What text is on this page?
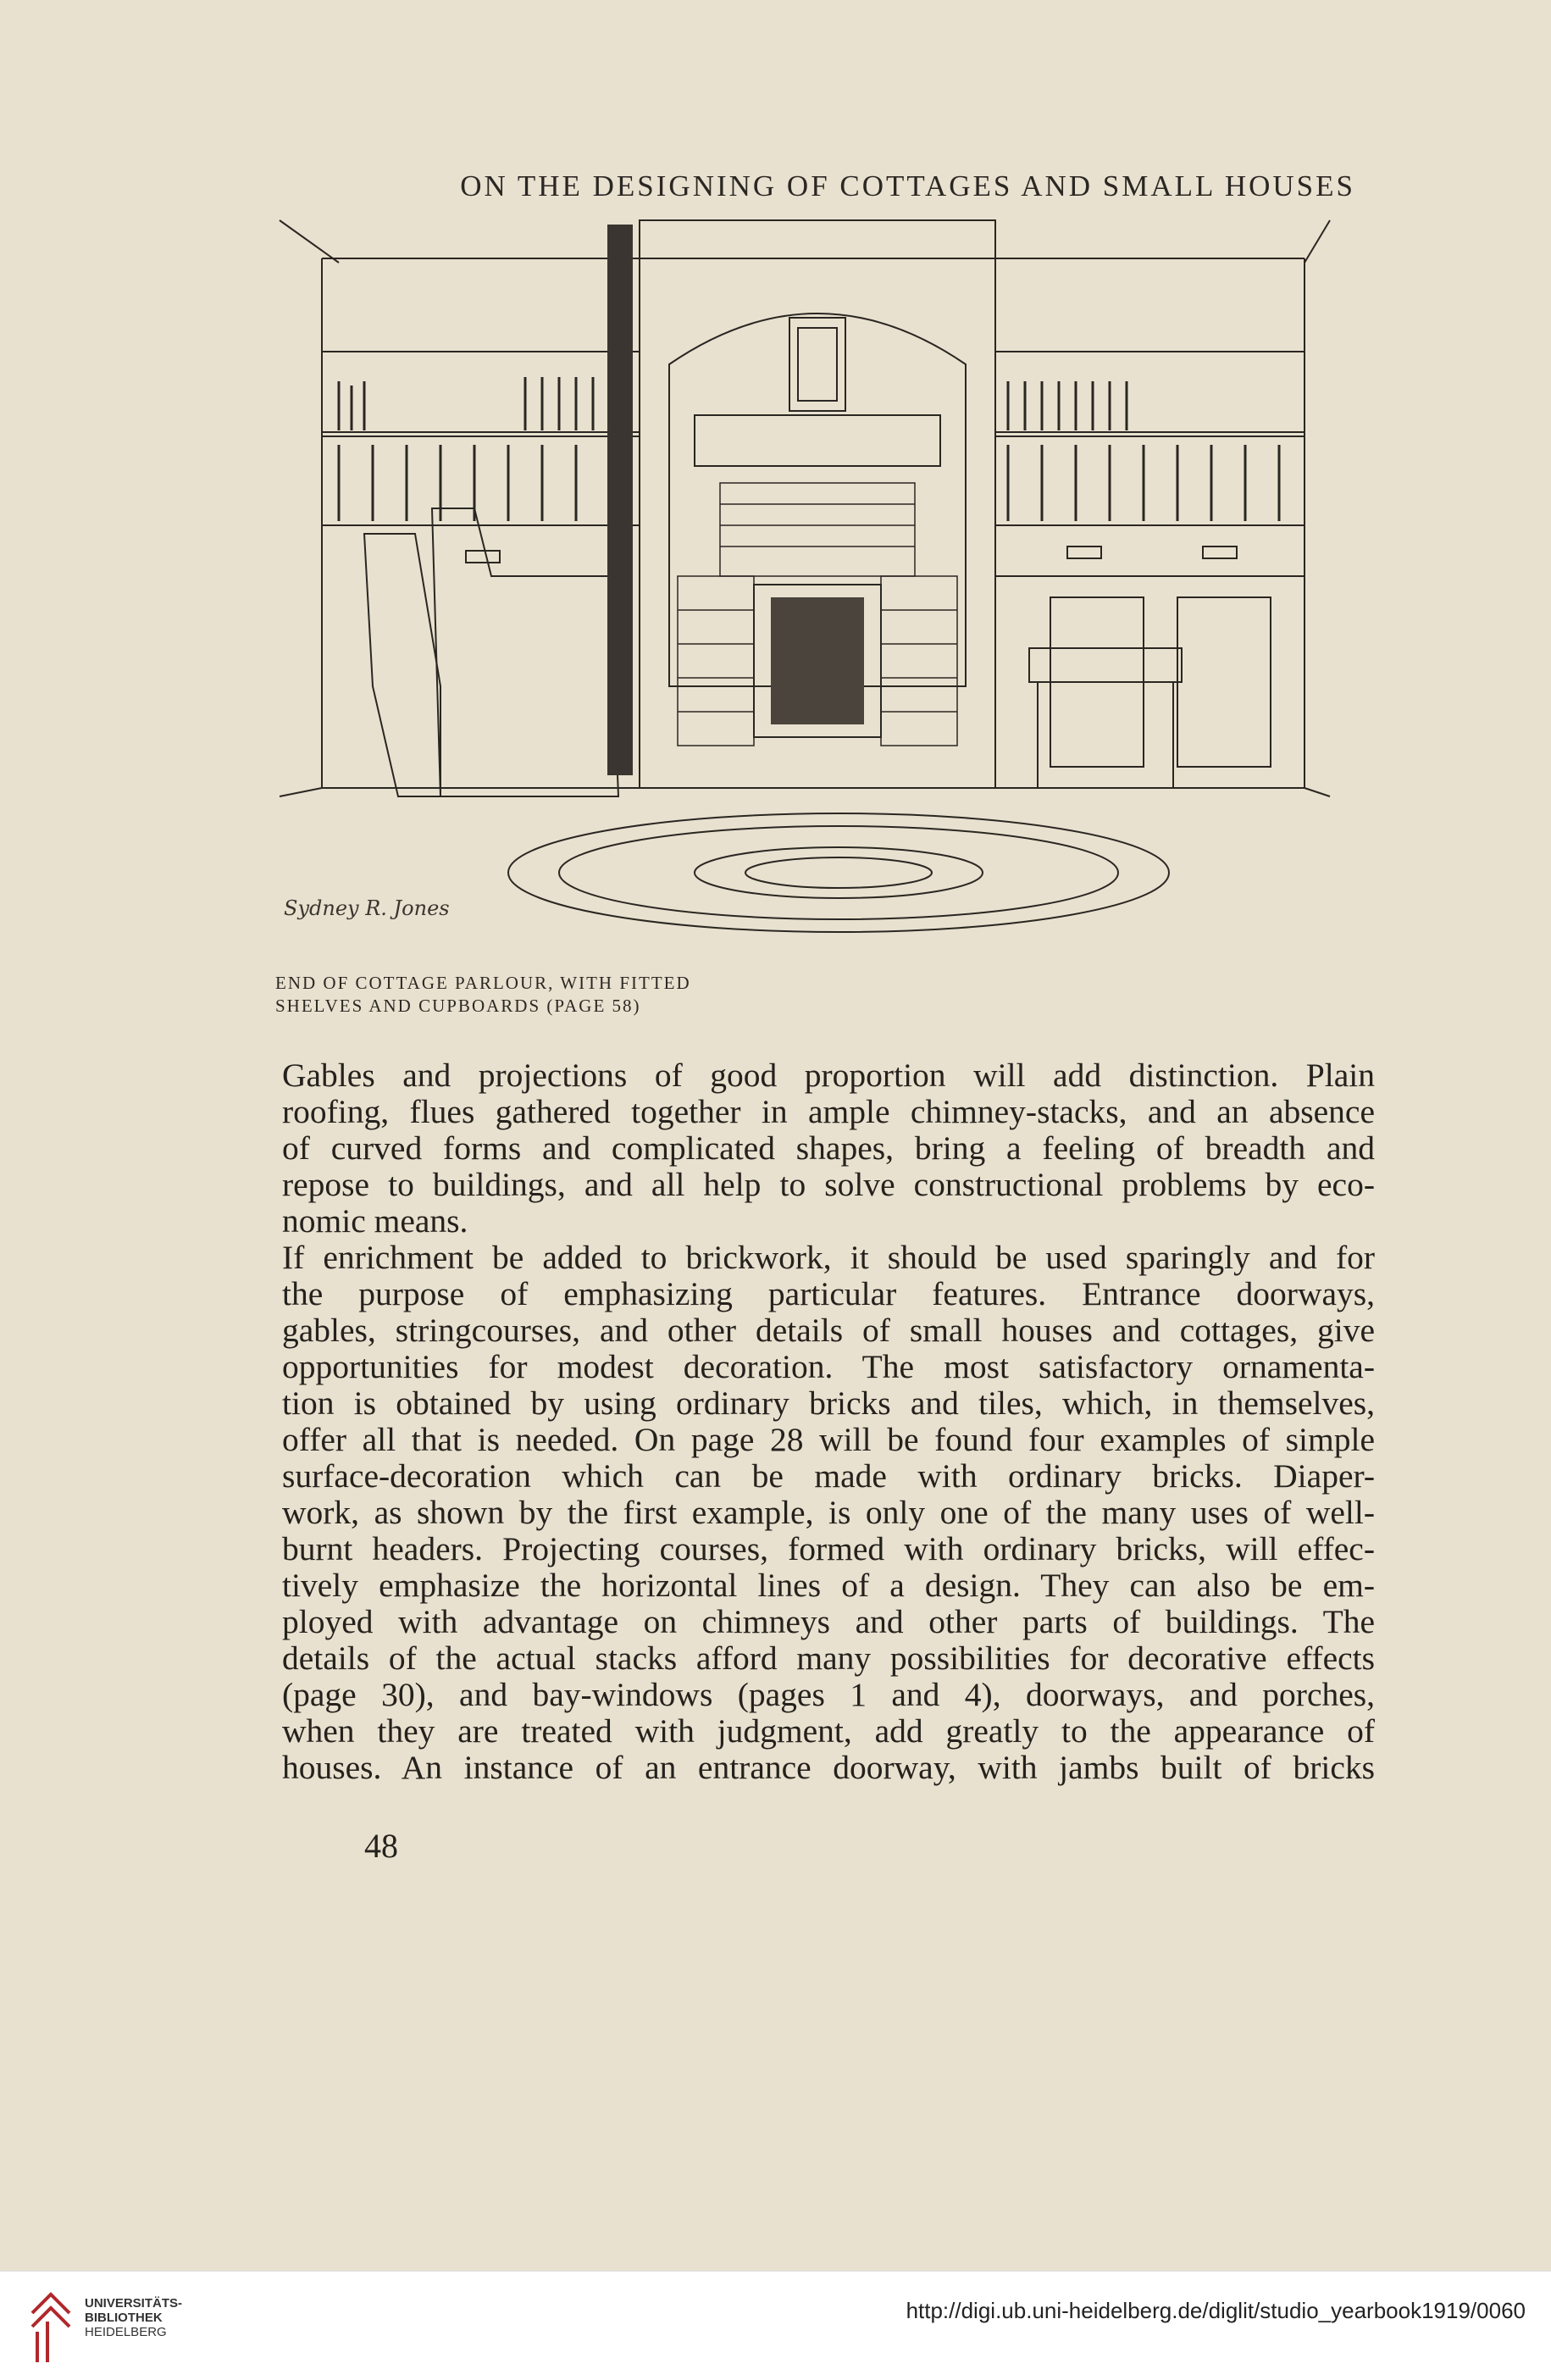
ON THE DESIGNING OF COTTAGES AND SMALL HOUSES
Sydney R. Jones
END OF COTTAGE PARLOUR, WITH FITTED
SHELVES AND CUPBOARDS (PAGE 58)
Gables and projections of good proportion will add distinction. Plain
roofing, flues gathered together in ample chimney-stacks, and an absence
of curved forms and complicated shapes, bring a feeling of breadth and
repose to buildings, and all help to solve constructional problems by eco-
nomic means.
If enrichment be added to brickwork, it should be used sparingly and for
the purpose of emphasizing particular features. Entrance doorways,
gables, stringcourses, and other details of small houses and cottages, give
opportunities for modest decoration. The most satisfactory ornamenta-
tion is obtained by using ordinary bricks and tiles, which, in themselves,
offer all that is needed. On page 28 will be found four examples of simple
surface-decoration which can be made with ordinary bricks. Diaper-
work, as shown by the first example, is only one of the many uses of well-
burnt headers. Projecting courses, formed with ordinary bricks, will effec-
tively emphasize the horizontal lines of a design. They can also be em-
ployed with advantage on chimneys and other parts of buildings. The
details of the actual stacks afford many possibilities for decorative effects
(page 30), and bay-windows (pages 1 and 4), doorways, and porches,
when they are treated with judgment, add greatly to the appearance of
houses. An instance of an entrance doorway, with jambs built of bricks
48
UNIVERSITÄTS-
BIBLIOTHEK
HEIDELBERG
http://digi.ub.uni-heidelberg.de/diglit/studio_yearbook1919/0060
